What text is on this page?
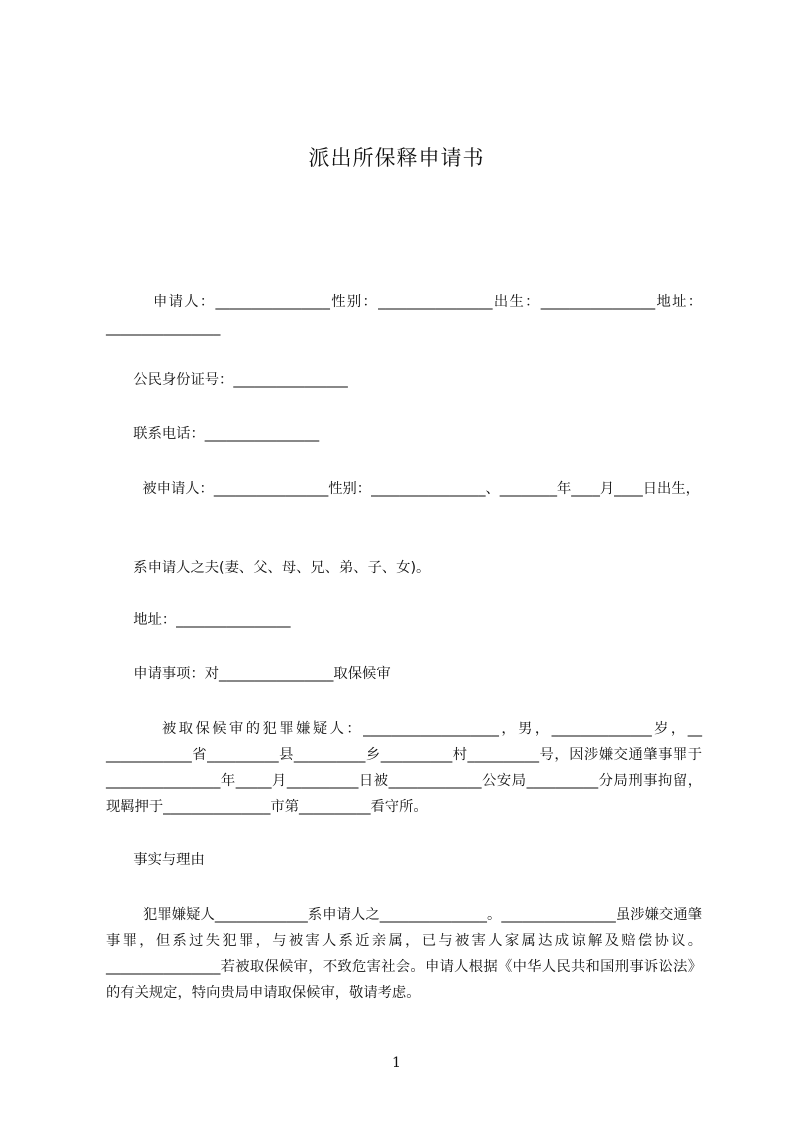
派出所保释申请书

申请人：________________性别：________________出生：________________地址：________________

公民身份证号：________________

联系电话：________________

被申请人：________________性别：________________、________年____月____日出生，

系申请人之夫(妻、父、母、兄、弟、子、女)。

地址：________________

申请事项：对________________取保候审

被取保候审的犯罪嫌疑人：___________________，男，______________岁，__ ____________省__________县__________乡__________村__________号，因涉嫌交通肇事罪于________________年_____月__________日被_____________公安局__________分局刑事拘留，现羁押于_______________市第__________看守所。

事实与理由

犯罪嫌疑人_____________系申请人之_______________。________________虽涉嫌交通肇事罪，但系过失犯罪，与被害人系近亲属，已与被害人家属达成谅解及赔偿协议。________________若被取保候审，不致危害社会。申请人根据《中华人民共和国刑事诉讼法》的有关规定，特向贵局申请取保候审，敬请考虑。

1
